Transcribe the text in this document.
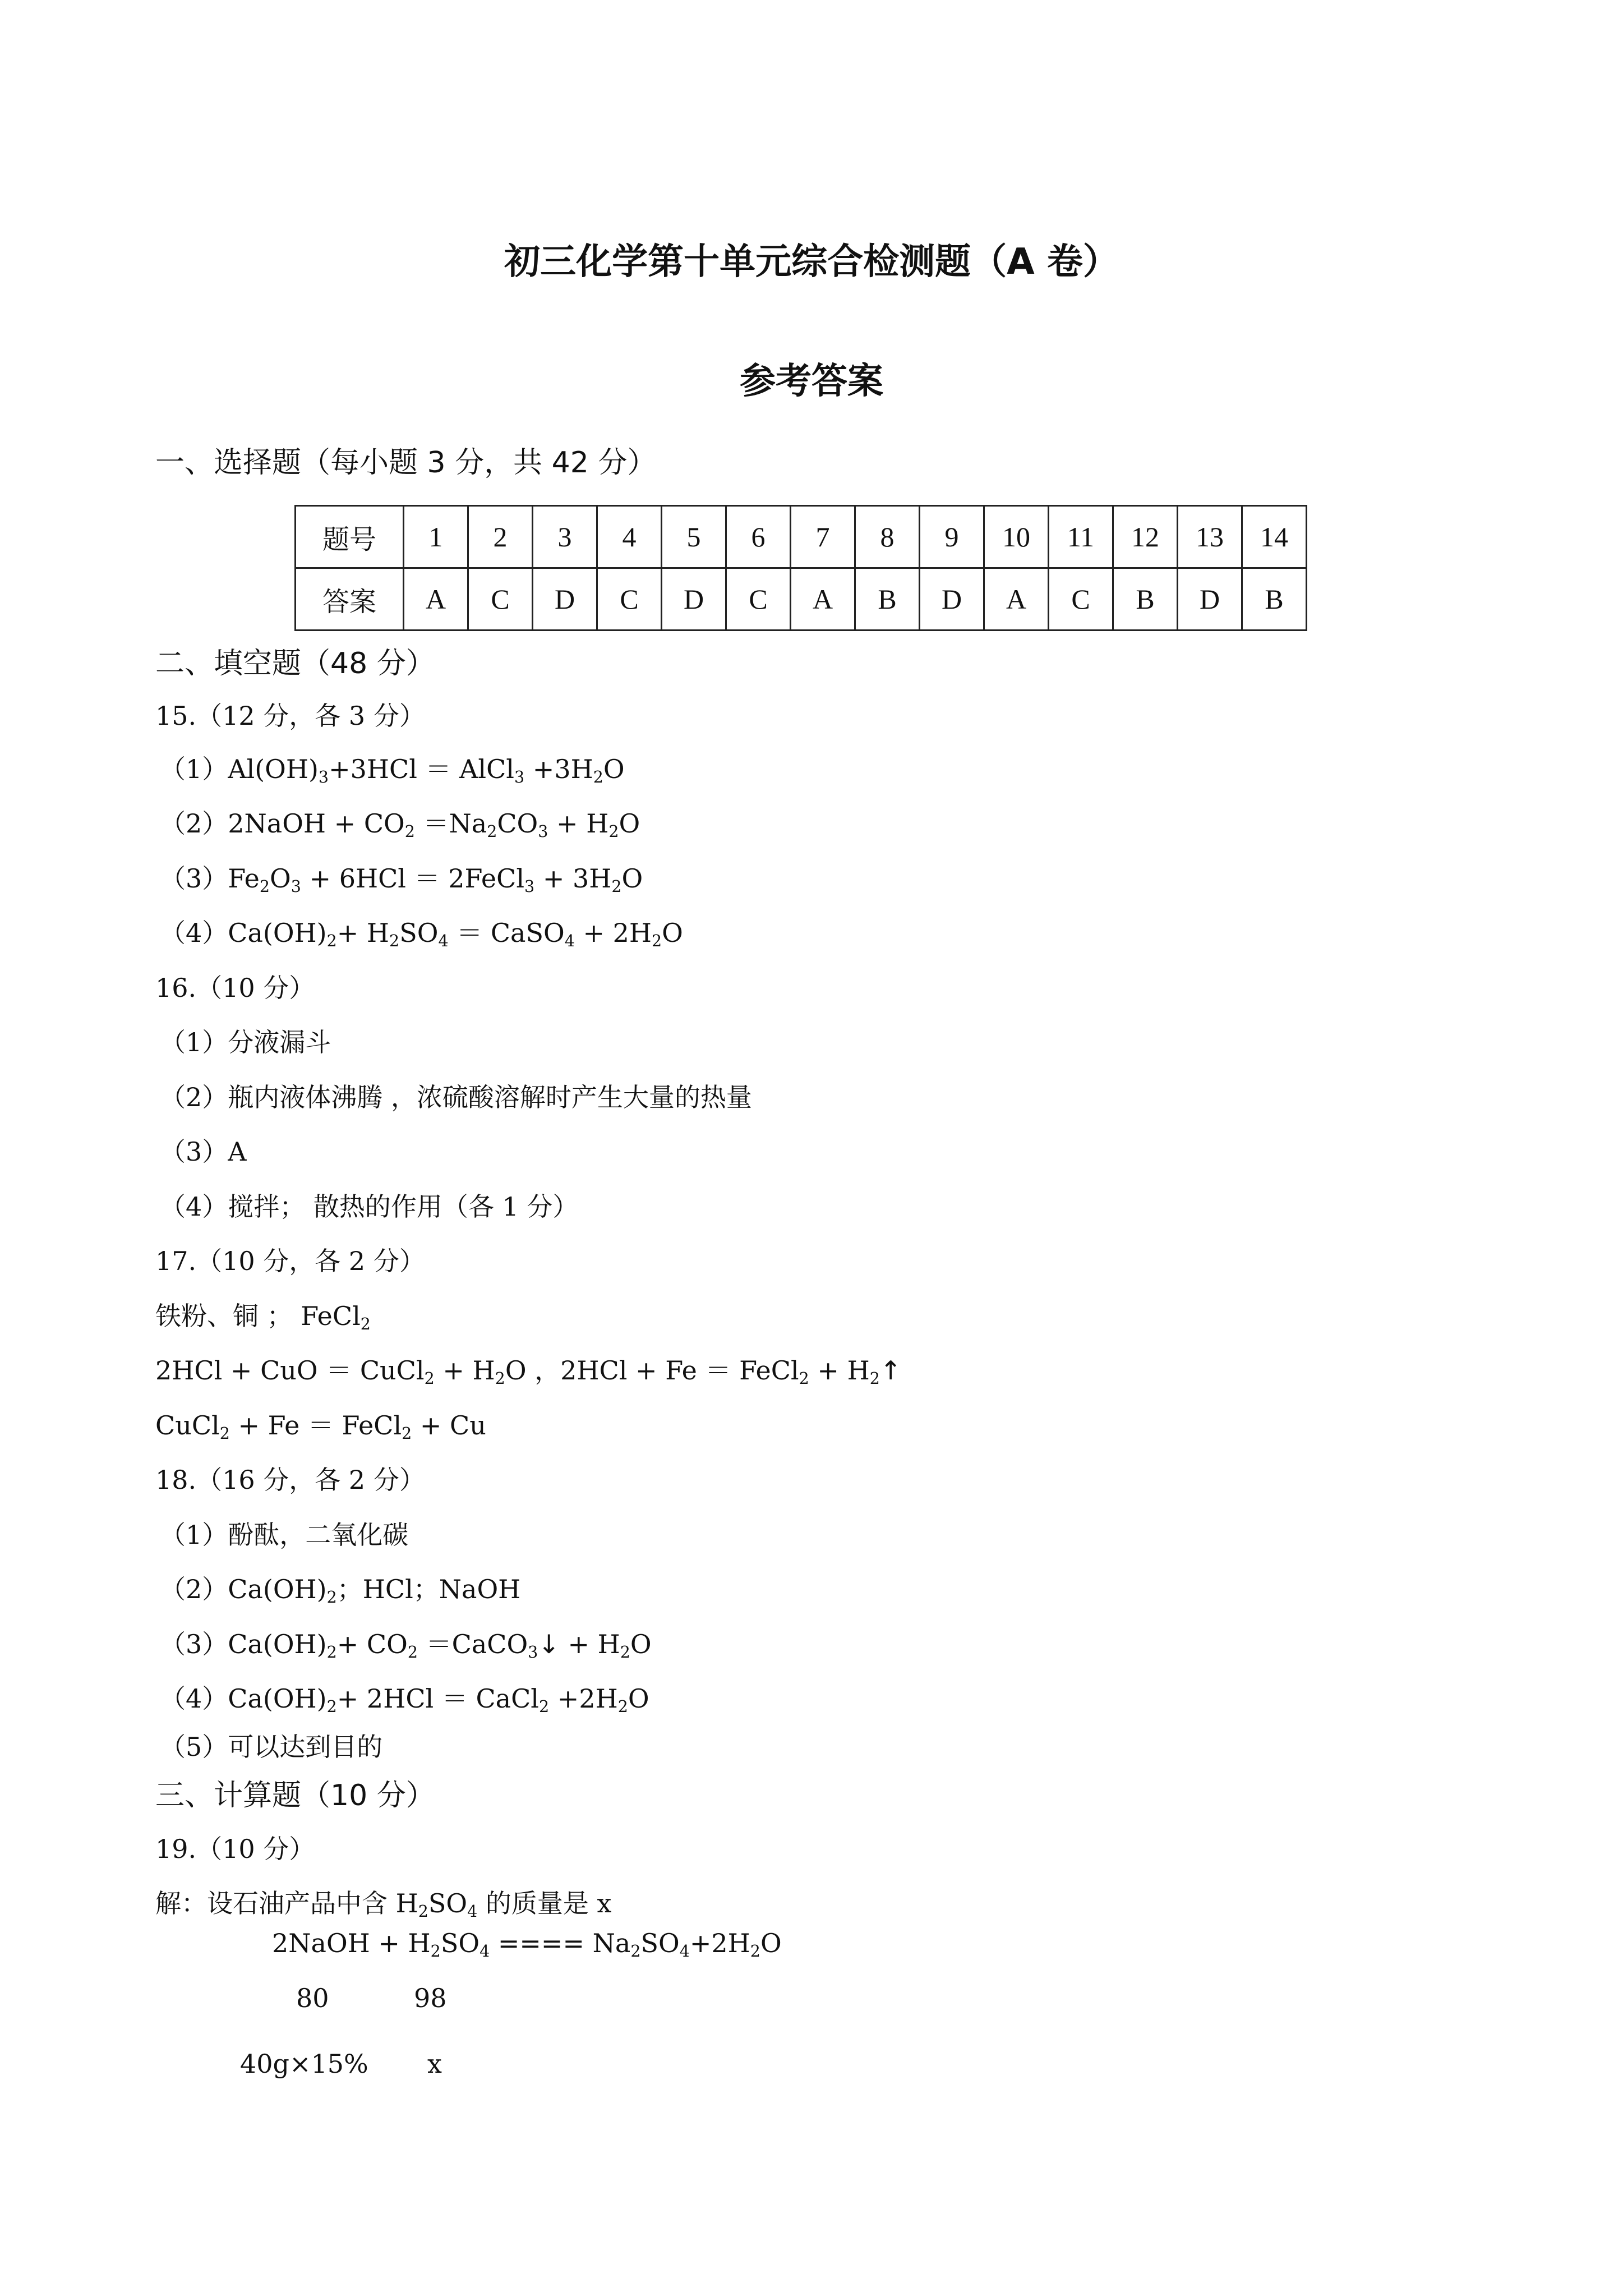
初三化学第十单元综合检测题（A 卷）
参考答案
一、选择题（每小题 3 分，共 42 分）
题号	1	2	3	4	5	6	7	8	9	10	11	12	13	14
答案	A	C	D	C	D	C	A	B	D	A	C	B	D	B
二、填空题（48 分）
15.（12 分，各 3 分）
$(1)Al(OH)_3+3HCl$ ＝ AlCl$_3$ $+3H_2O$
（2）2NaOH + $CO_2 =Na_2CO_3 + H_2O$
$(3)Fe_2O_3 + 6HCl$ ＝ 2FeCl$_3$ + $3H_2O$
$(4)Ca(OH)_2+ H_2SO_4$ ＝ CaSO$_4$ + $2H_2O$
16.（10 分）
（1）分液漏斗
（2）瓶内液体沸腾 ，浓硫酸溶解时产生大量的热量
（3）A
（4）搅拌； 散热的作用（各 1 分）
17.（10 分，各 2 分）
铁粉、铜 ； FeCl$_2$
2HCl + CuO ＝ CuCl$_2$ + $H_2O$ ，2HCl + Fe ＝ FeCl$_2$ + $H_2↑$
CuCl$_2$ + Fe ＝ FeCl$_2$ + Cu
18.（16 分，各 2 分）
（1）酚酞，二氧化碳
$(2)Ca(OH)_2$；HCl；NaOH
$(3)Ca(OH)_2+ CO_2$ ＝CaCO$_3$↓ + $H_2O$
$(4)Ca(OH)_2+ 2HCl$ ＝ CaCl$_2$ $+2H_2O$
（5）可以达到目的
三、计算题（10 分）
19.（10 分）
解：设石油产品中含 $H_2SO_4$ 的质量是 x
2NaOH + $H_2SO_4$ ==== $Na_2SO_4+2H_2O$
80	98
40g×15% x
